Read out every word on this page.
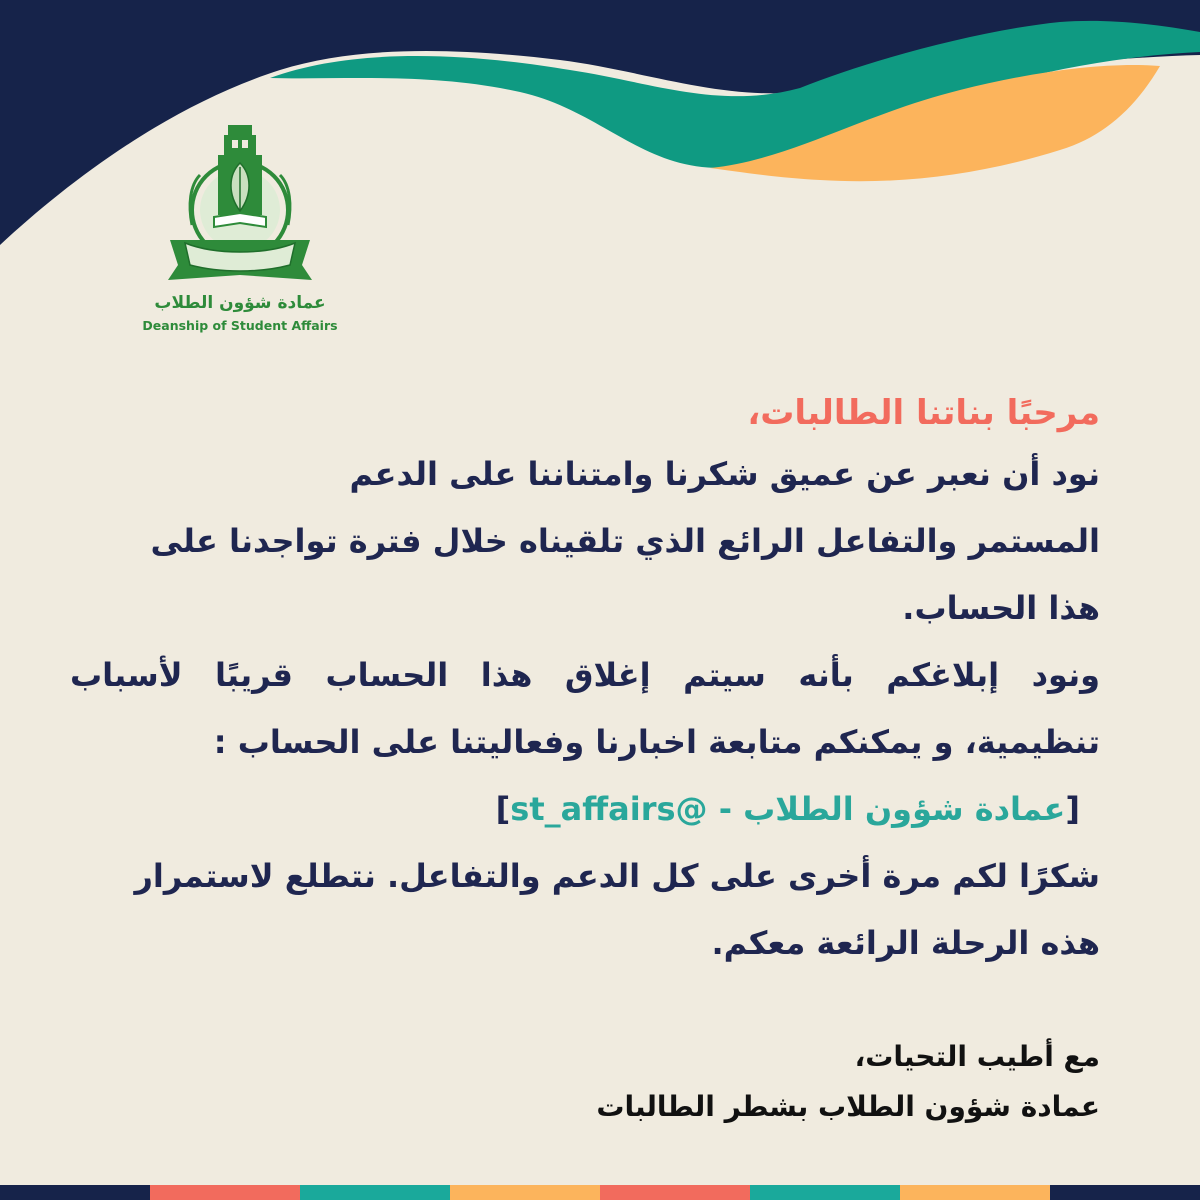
عمادة شؤون الطلاب
Deanship of Student Affairs

مرحبًا بناتنا الطالبات،

نود أن نعبر عن عميق شكرنا وامتناننا على الدعم

المستمر والتفاعل الرائع الذي تلقيناه خلال فترة تواجدنا على

هذا الحساب.

ونود إبلاغكم بأنه سيتم إغلاق هذا الحساب قريبًا لأسباب

تنظيمية، و يمكنكم متابعة اخبارنا وفعاليتنا على الحساب :

[عمادة شؤون الطلاب - @st_affairs]

شكرًا لكم مرة أخرى على كل الدعم والتفاعل. نتطلع لاستمرار

هذه الرحلة الرائعة معكم.

مع أطيب التحيات،
عمادة شؤون الطلاب بشطر الطالبات
